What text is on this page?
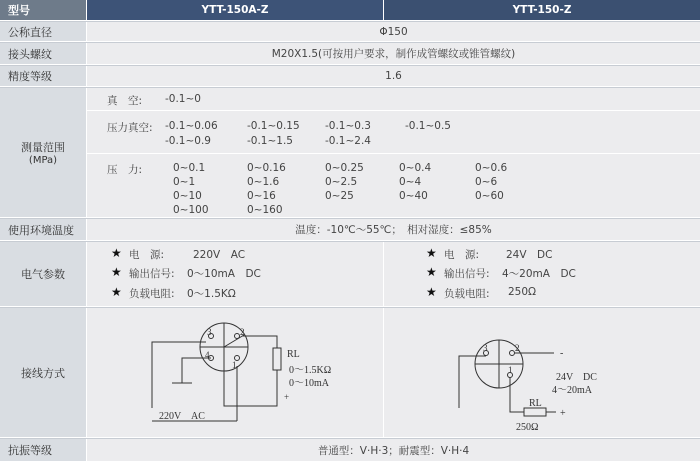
型号	YTT-150A-Z	YTT-150-Z
公称直径	Φ150
接头螺纹	M20Ⅹ1.5(可按用户要求，制作成管螺纹或锥管螺纹)
精度等级	1.6
测量范围
(MPa)
真　空: -0.1~0
压力真空: -0.1~0.06	-0.1~0.15 -0.1~0.3	-0.1~0.5
-0.1~0.9	-0.1~1.5	-0.1~2.4
压　力:	0~0.1	0~0.16	0~0.25	0~0.4	0~0.6
0~1	0~1.6	0~2.5	0~4	0~6
0~10	0~16	0~25	0~40	0~60
0~100	0~160
使用环境温度	温度：-10℃～55℃；　相对湿度：≤85%
电气参数
★ 电　源:	220V　AC
★ 输出信号: 0～10mA　DC
★ 负载电阻: 0～1.5KΩ
★ 电　源:	24V　DC
★ 输出信号: 4～20mA　DC
★ 负载电阻: 250Ω
接线方式
3	2
4
1
RL
0～1.5KΩ
0～10mA
+
220V　AC
3	2
1
-
24V　DC
4～20mA
RL
+
250Ω
抗振等级	普通型：V·H·3；耐震型：V·H·4
